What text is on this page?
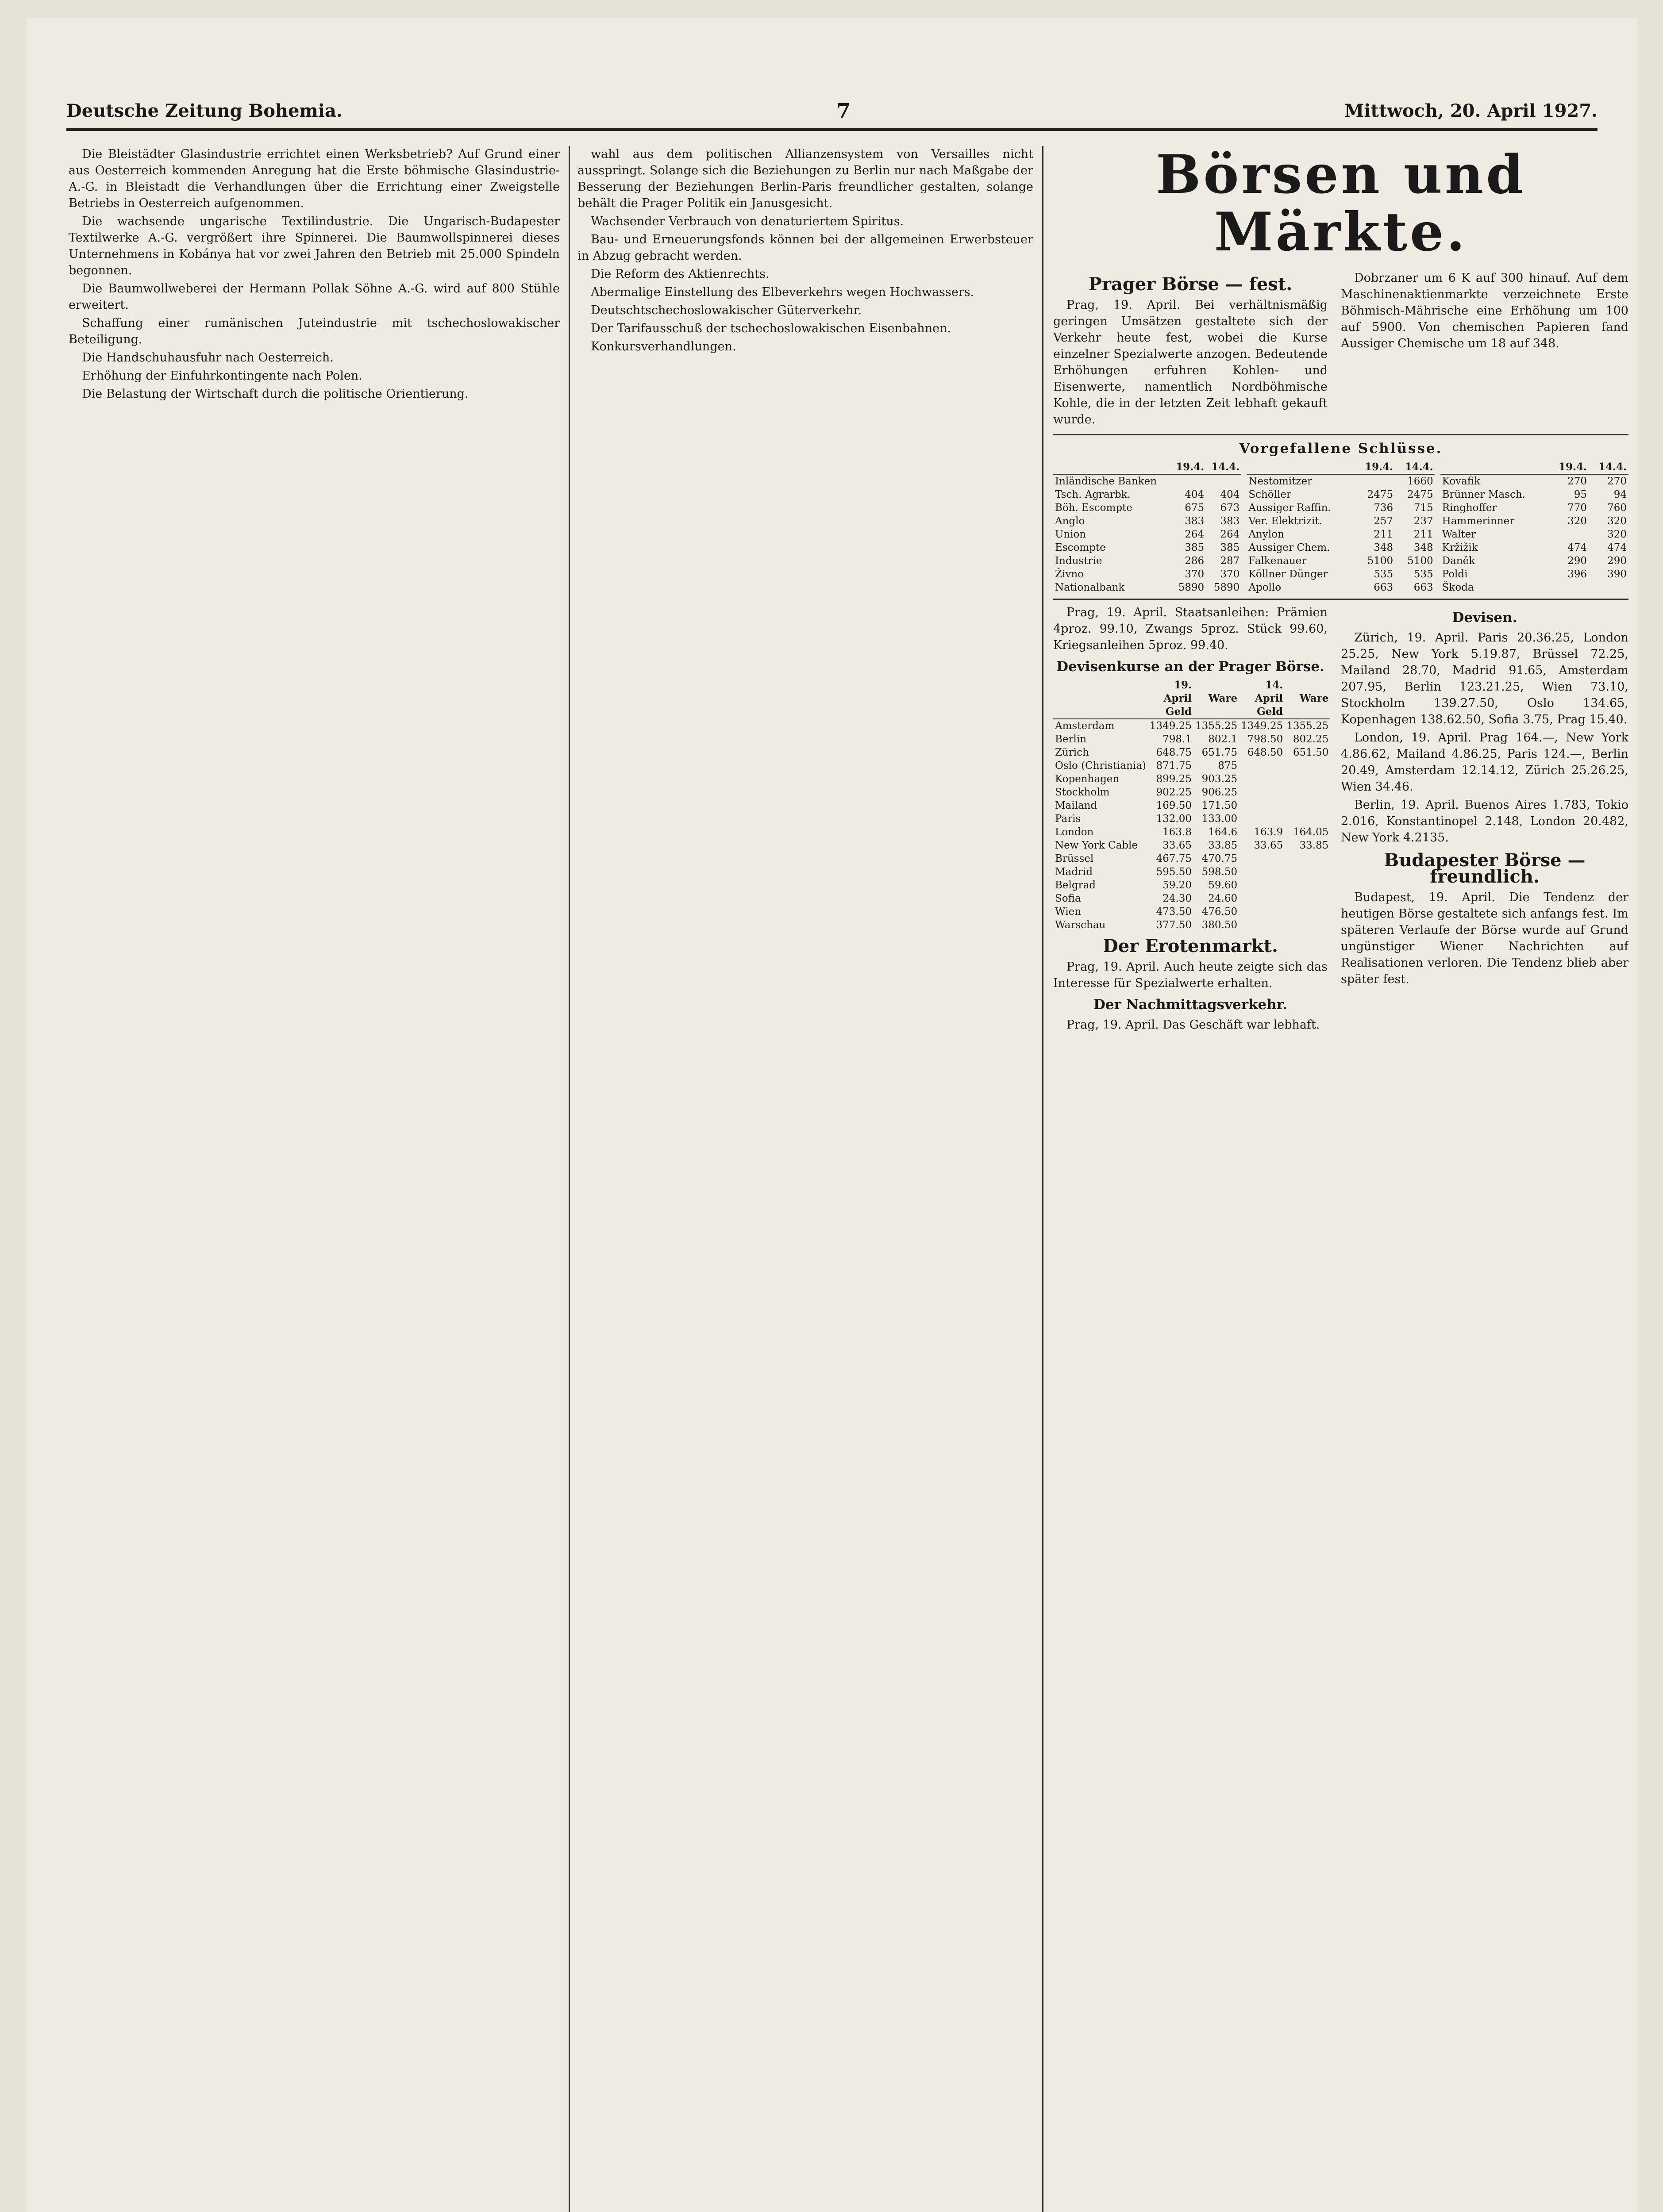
Deutsche Zeitung Bohemia.	7	Mittwoch, 20. April 1927.

Die Bleistädter Glasindustrie errichtet einen Werksbetrieb? Auf Grund einer aus Oesterreich kommenden Anregung hat die Erste böhmische Glasindustrie-A.-G. in Bleistadt die Verhandlungen über die Errichtung einer Zweigstelle Betriebs in Oesterreich aufgenommen.

Die wachsende ungarische Textilindustrie. Die Ungarisch-Budapester Textilwerke A.-G. vergrößert ihre Spinnerei. Die Baumwollspinnerei dieses Unternehmens in Kobánya hat vor zwei Jahren den Betrieb mit 25.000 Spindeln begonnen.

Die Baumwollweberei der Hermann Pollak Söhne A.-G. wird auf 800 Stühle erweitert.

Schaffung einer rumänischen Juteindustrie mit tschechoslowakischer Beteiligung.

Die Handschuhausfuhr nach Oesterreich.

Erhöhung der Einfuhrkontingente nach Polen.

Die Belastung der Wirtschaft durch die politische Orientierung.

wahl aus dem politischen Allianzensystem von Versailles nicht ausspringt. Solange sich die Beziehungen zu Berlin nur nach Maßgabe der Besserung der Beziehungen Berlin-Paris freundlicher gestalten, solange behält die Prager Politik ein Janusgesicht.

Wachsender Verbrauch von denaturiertem Spiritus.

Bau- und Erneuerungsfonds können bei der allgemeinen Erwerbsteuer in Abzug gebracht werden.

Die Reform des Aktienrechts.

Abermalige Einstellung des Elbeverkehrs wegen Hochwassers.

Deutschtschechoslowakischer Güterverkehr.

Der Tarifausschuß der tschechoslowakischen Eisenbahnen.

Konkursverhandlungen.

Börsen und Märkte.
Prager Börse — fest.

Prag, 19. April. Bei verhältnismäßig geringen Umsätzen gestaltete sich der Verkehr heute fest, wobei die Kurse einzelner Spezialwerte anzogen. Bedeutende Erhöhungen erfuhren Kohlen- und Eisenwerte, namentlich Nordböhmische Kohle, die in der letzten Zeit lebhaft gekauft wurde.

Dobrzaner um 6 K auf 300 hinauf. Auf dem Maschinenaktienmarkte verzeichnete Erste Böhmisch-Mährische eine Erhöhung um 100 auf 5900. Von chemischen Papieren fand Aussiger Chemische um 18 auf 348.

Vorgefallene Schlüsse.
	19.4.	14.4.
Inländische Banken		
Tsch. Agrarbk.	404	404
Böh. Escompte	675	673
Anglo	383	383
Union	264	264
Escompte	385	385
Industrie	286	287
Živno	370	370
Nationalbank	5890	5890
	19.4.	14.4.
Nestomitzer		1660
Schöller	2475	2475
Aussiger Raffin.	736	715
Ver. Elektrizit.	257	237
Anylon	211	211
Aussiger Chem.	348	348
Falkenauer	5100	5100
Köllner Dünger	535	535
Apollo	663	663
	19.4.	14.4.
Kovafik	270	270
Brünner Masch.	95	94
Ringhoffer	770	760
Hammerinner	320	320
Walter		320
Kržižik	474	474
Daněk	290	290
Poldi	396	390
Škoda		

Prag, 19. April. Staatsanleihen: Prämien 4proz. 99.10, Zwangs 5proz. Stück 99.60, Kriegsanleihen 5proz. 99.40.

Devisenkurse an der Prager Börse.
	19. April Geld	Ware	14. April Geld	Ware
Amsterdam	1349.25	1355.25	1349.25	1355.25
Berlin	798.1	802.1	798.50	802.25
Zürich	648.75	651.75	648.50	651.50
Oslo (Christiania)	871.75	875		
Kopenhagen	899.25	903.25		
Stockholm	902.25	906.25		
Mailand	169.50	171.50		
Paris	132.00	133.00		
London	163.8	164.6	163.9	164.05
New York Cable	33.65	33.85	33.65	33.85
Brüssel	467.75	470.75		
Madrid	595.50	598.50		
Belgrad	59.20	59.60		
Sofia	24.30	24.60		
Wien	473.50	476.50		
Warschau	377.50	380.50		
Der Erotenmarkt.

Prag, 19. April. Auch heute zeigte sich das Interesse für Spezialwerte erhalten.

Der Nachmittagsverkehr.

Prag, 19. April. Das Geschäft war lebhaft.

Devisen.

Zürich, 19. April. Paris 20.36.25, London 25.25, New York 5.19.87, Brüssel 72.25, Mailand 28.70, Madrid 91.65, Amsterdam 207.95, Berlin 123.21.25, Wien 73.10, Stockholm 139.27.50, Oslo 134.65, Kopenhagen 138.62.50, Sofia 3.75, Prag 15.40.

London, 19. April. Prag 164.—, New York 4.86.62, Mailand 4.86.25, Paris 124.—, Berlin 20.49, Amsterdam 12.14.12, Zürich 25.26.25, Wien 34.46.

Berlin, 19. April. Buenos Aires 1.783, Tokio 2.016, Konstantinopel 2.148, London 20.482, New York 4.2135.

Budapester Börse — freundlich.

Budapest, 19. April. Die Tendenz der heutigen Börse gestaltete sich anfangs fest. Im späteren Verlaufe der Börse wurde auf Grund ungünstiger Wiener Nachrichten auf Realisationen verloren. Die Tendenz blieb aber später fest.
